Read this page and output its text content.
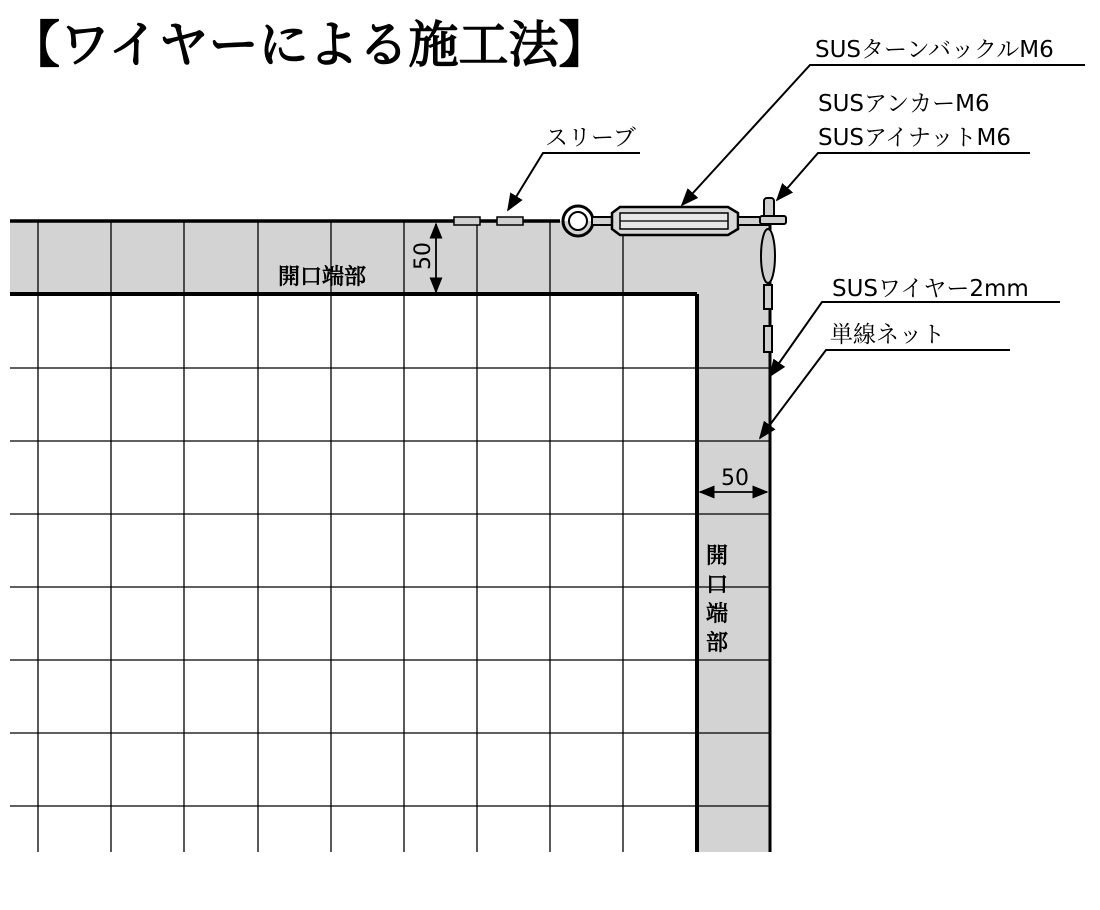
【ワイヤーによる施工法】	SUSターンバックルM6
SUSアンカーM6
SUSアイナットM6
スリーブ
SUSワイヤー2mm
単線ネット
開口端部
開
口
端
部
50
50
